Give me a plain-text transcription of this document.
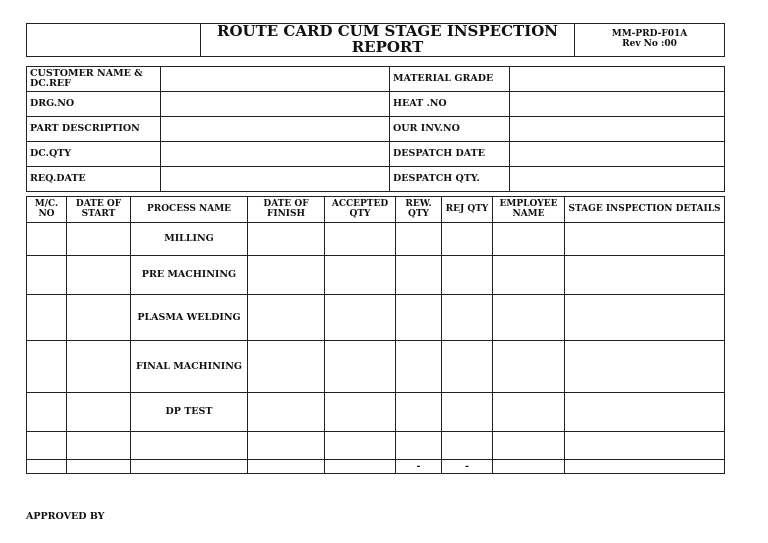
	ROUTE CARD CUM STAGE INSPECTION REPORT	
MM-PRD-F01A
Rev No :00
CUSTOMER NAME & DC.REF		MATERIAL GRADE	
DRG.NO		HEAT .NO	
PART DESCRIPTION		OUR INV.NO	
DC.QTY		DESPATCH DATE	
REQ.DATE		DESPATCH QTY.	
M/C. NO	DATE OF START	PROCESS NAME	DATE OF FINISH	ACCEPTED QTY	REW. QTY	REJ QTY	EMPLOYEE NAME	STAGE INSPECTION DETAILS
		MILLING						
		PRE MACHINING						
		PLASMA WELDING						
		FINAL MACHINING						
		DP TEST						

					-	-		
APPROVED BY
